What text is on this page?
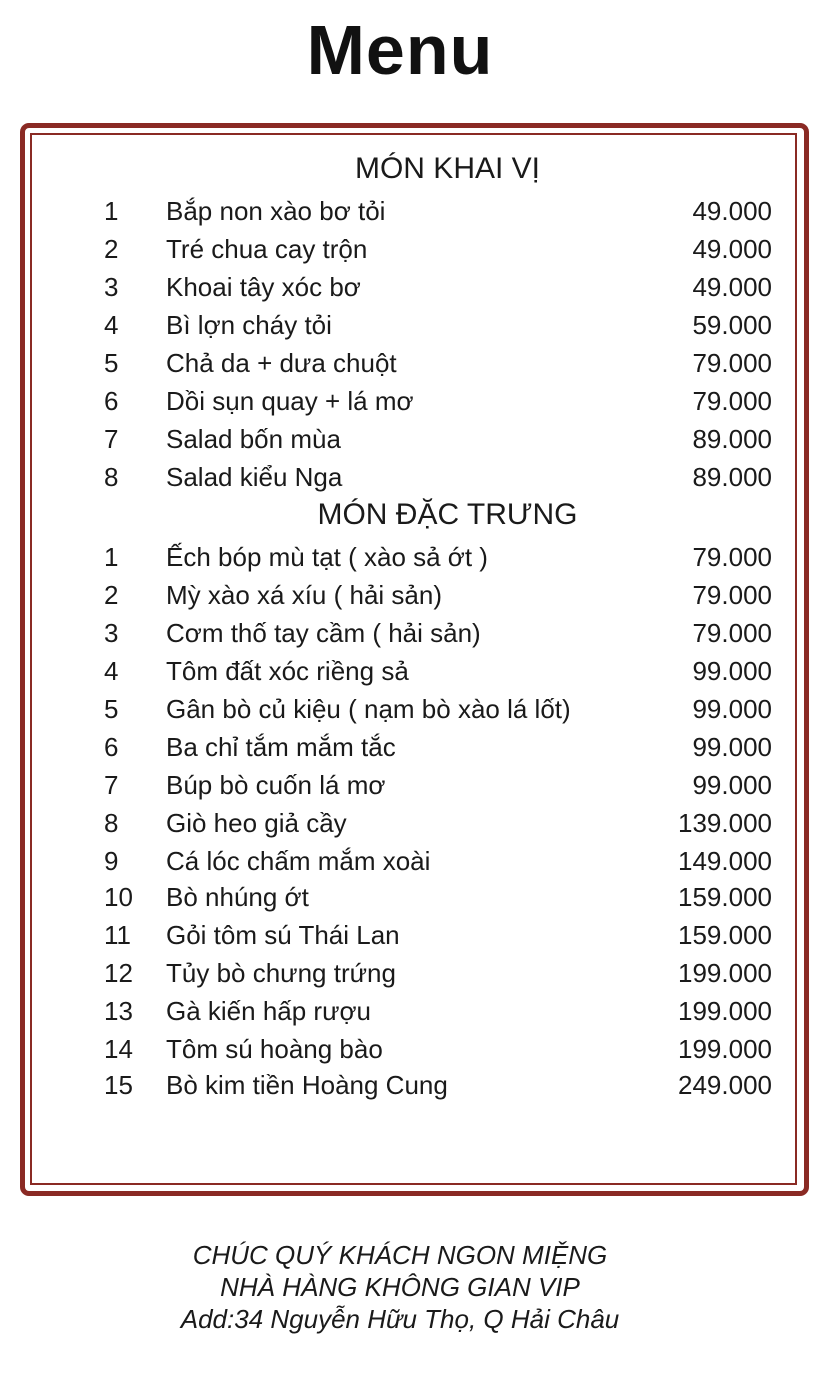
Menu
MÓN KHAI VỊ
1 Bắp non xào bơ tỏi	49.000
2 Tré chua cay trộn	49.000
3 Khoai tây xóc bơ	49.000
4 Bì lợn cháy tỏi	59.000
5 Chả da + dưa chuột	79.000
6 Dồi sụn quay + lá mơ	79.000
7 Salad bốn mùa	89.000
8 Salad kiểu Nga	89.000
MÓN ĐẶC TRƯNG
1 Ếch bóp mù tạt ( xào sả ớt )	79.000
2 Mỳ xào xá xíu ( hải sản)	79.000
3 Cơm thố tay cầm ( hải sản)	79.000
4 Tôm đất xóc riềng sả	99.000
5 Gân bò củ kiệu ( nạm bò xào lá lốt)	99.000
6 Ba chỉ tắm mắm tắc	99.000
7 Búp bò cuốn lá mơ	99.000
8 Giò heo giả cầy	139.000
9 Cá lóc chấm mắm xoài	149.000
10 Bò nhúng ớt	159.000
11 Gỏi tôm sú Thái Lan	159.000
12 Tủy bò chưng trứng	199.000
13 Gà kiến hấp rượu	199.000
14 Tôm sú hoàng bào	199.000
15 Bò kim tiền Hoàng Cung	249.000
CHÚC QUÝ KHÁCH NGON MIỆNG
NHÀ HÀNG KHÔNG GIAN VIP
Add:34 Nguyễn Hữu Thọ, Q Hải Châu
